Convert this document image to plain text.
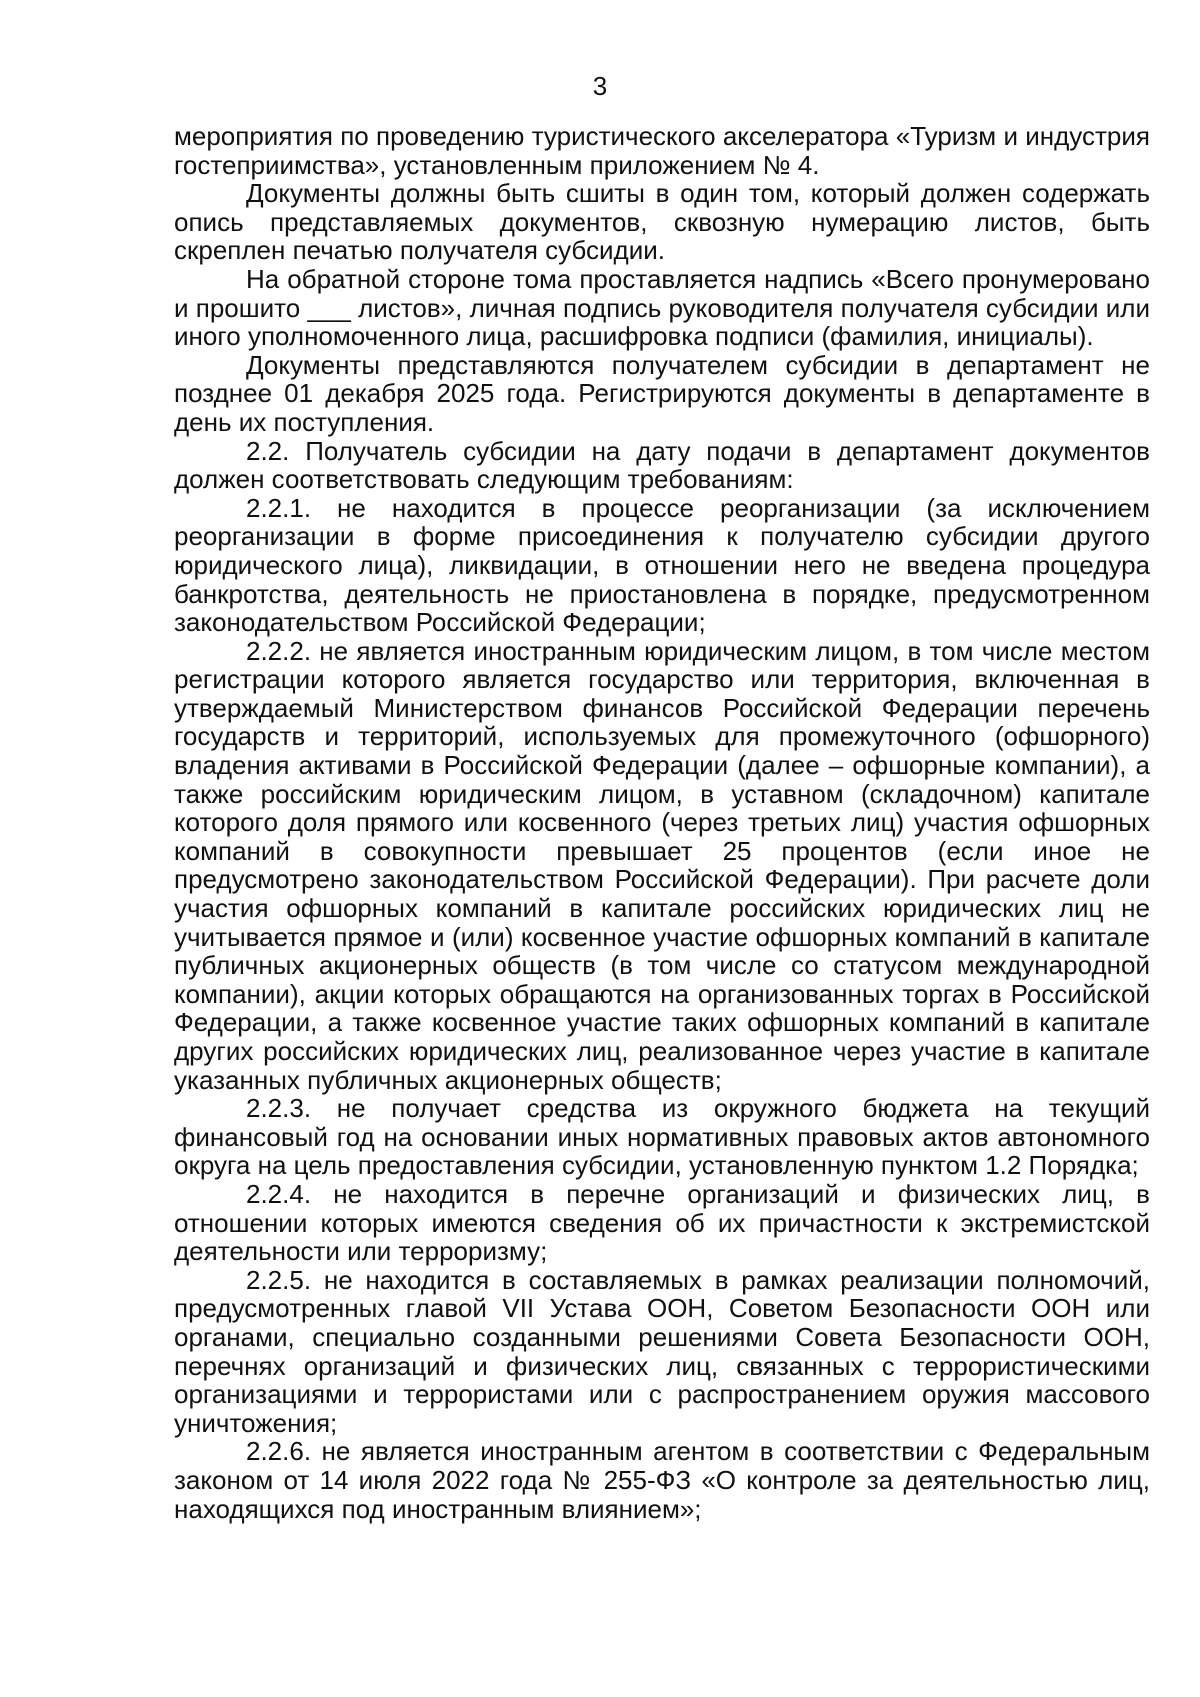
3

мероприятия по проведению туристического акселератора «Туризм и индустрия гостеприимства», установленным приложением № 4.

Документы должны быть сшиты в один том, который должен содержать опись представляемых документов, сквозную нумерацию листов, быть скреплен печатью получателя субсидии.

На обратной стороне тома проставляется надпись «Всего пронумеровано и прошито ___ листов», личная подпись руководителя получателя субсидии или иного уполномоченного лица, расшифровка подписи (фамилия, инициалы).

Документы представляются получателем субсидии в департамент не позднее 01 декабря 2025 года. Регистрируются документы в департаменте в день их поступления.

2.2. Получатель субсидии на дату подачи в департамент документов должен соответствовать следующим требованиям:

2.2.1. не находится в процессе реорганизации (за исключением реорганизации в форме присоединения к получателю субсидии другого юридического лица), ликвидации, в отношении него не введена процедура банкротства, деятельность не приостановлена в порядке, предусмотренном законодательством Российской Федерации;

2.2.2. не является иностранным юридическим лицом, в том числе местом регистрации которого является государство или территория, включенная в утверждаемый Министерством финансов Российской Федерации перечень государств и территорий, используемых для промежуточного (офшорного) владения активами в Российской Федерации (далее – офшорные компании), а также российским юридическим лицом, в уставном (складочном) капитале которого доля прямого или косвенного (через третьих лиц) участия офшорных компаний в совокупности превышает 25 процентов (если иное не предусмотрено законодательством Российской Федерации). При расчете доли участия офшорных компаний в капитале российских юридических лиц не учитывается прямое и (или) косвенное участие офшорных компаний в капитале публичных акционерных обществ (в том числе со статусом международной компании), акции которых обращаются на организованных торгах в Российской Федерации, а также косвенное участие таких офшорных компаний в капитале других российских юридических лиц, реализованное через участие в капитале указанных публичных акционерных обществ;

2.2.3. не получает средства из окружного бюджета на текущий финансовый год на основании иных нормативных правовых актов автономного округа на цель предоставления субсидии, установленную пунктом 1.2 Порядка;

2.2.4. не находится в перечне организаций и физических лиц, в отношении которых имеются сведения об их причастности к экстремистской деятельности или терроризму;

2.2.5. не находится в составляемых в рамках реализации полномочий, предусмотренных главой VII Устава ООН, Советом Безопасности ООН или органами, специально созданными решениями Совета Безопасности ООН, перечнях организаций и физических лиц, связанных с террористическими организациями и террористами или с распространением оружия массового уничтожения;

2.2.6. не является иностранным агентом в соответствии с Федеральным законом от 14 июля 2022 года № 255-ФЗ «О контроле за деятельностью лиц, находящихся под иностранным влиянием»;
